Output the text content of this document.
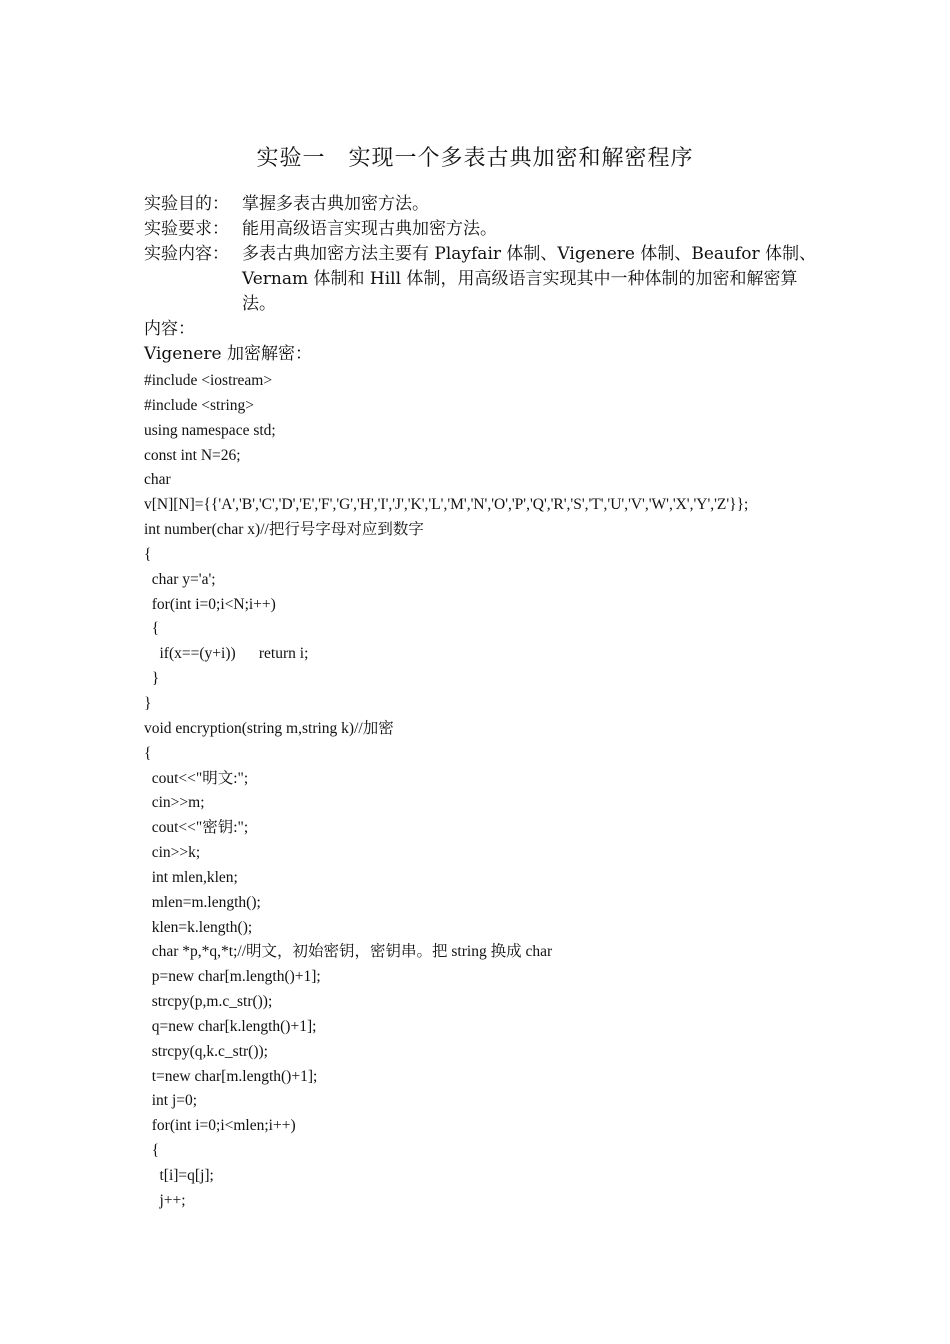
实验一　实现一个多表古典加密和解密程序
实验目的： 掌握多表古典加密方法。
实验要求： 能用高级语言实现古典加密方法。
实验内容： 多表古典加密方法主要有 Playfair 体制、Vigenere 体制、Beaufor 体制、Vernam 体制和 Hill 体制，用高级语言实现其中一种体制的加密和解密算法。
内容：
Vigenere 加密解密：
#include <iostream>
#include <string>
using namespace std;
const int N=26;
char
v[N][N]={{'A','B','C','D','E','F','G','H','I','J','K','L','M','N','O','P','Q','R','S','T','U','V','W','X','Y','Z'}};
int number(char x)//把行号字母对应到数字
{
char y='a';
for(int i=0;i<N;i++)
{
if(x==(y+i))      return i;
}
}
void encryption(string m,string k)//加密
{
cout<<"明文:";
cin>>m;
cout<<"密钥:";
cin>>k;
int mlen,klen;
mlen=m.length();
klen=k.length();
char *p,*q,*t;//明文，初始密钥，密钥串。把 string 换成 char
p=new char[m.length()+1];
strcpy(p,m.c_str());
q=new char[k.length()+1];
strcpy(q,k.c_str());
t=new char[m.length()+1];
int j=0;
for(int i=0;i<mlen;i++)
{
t[i]=q[j];
j++;
